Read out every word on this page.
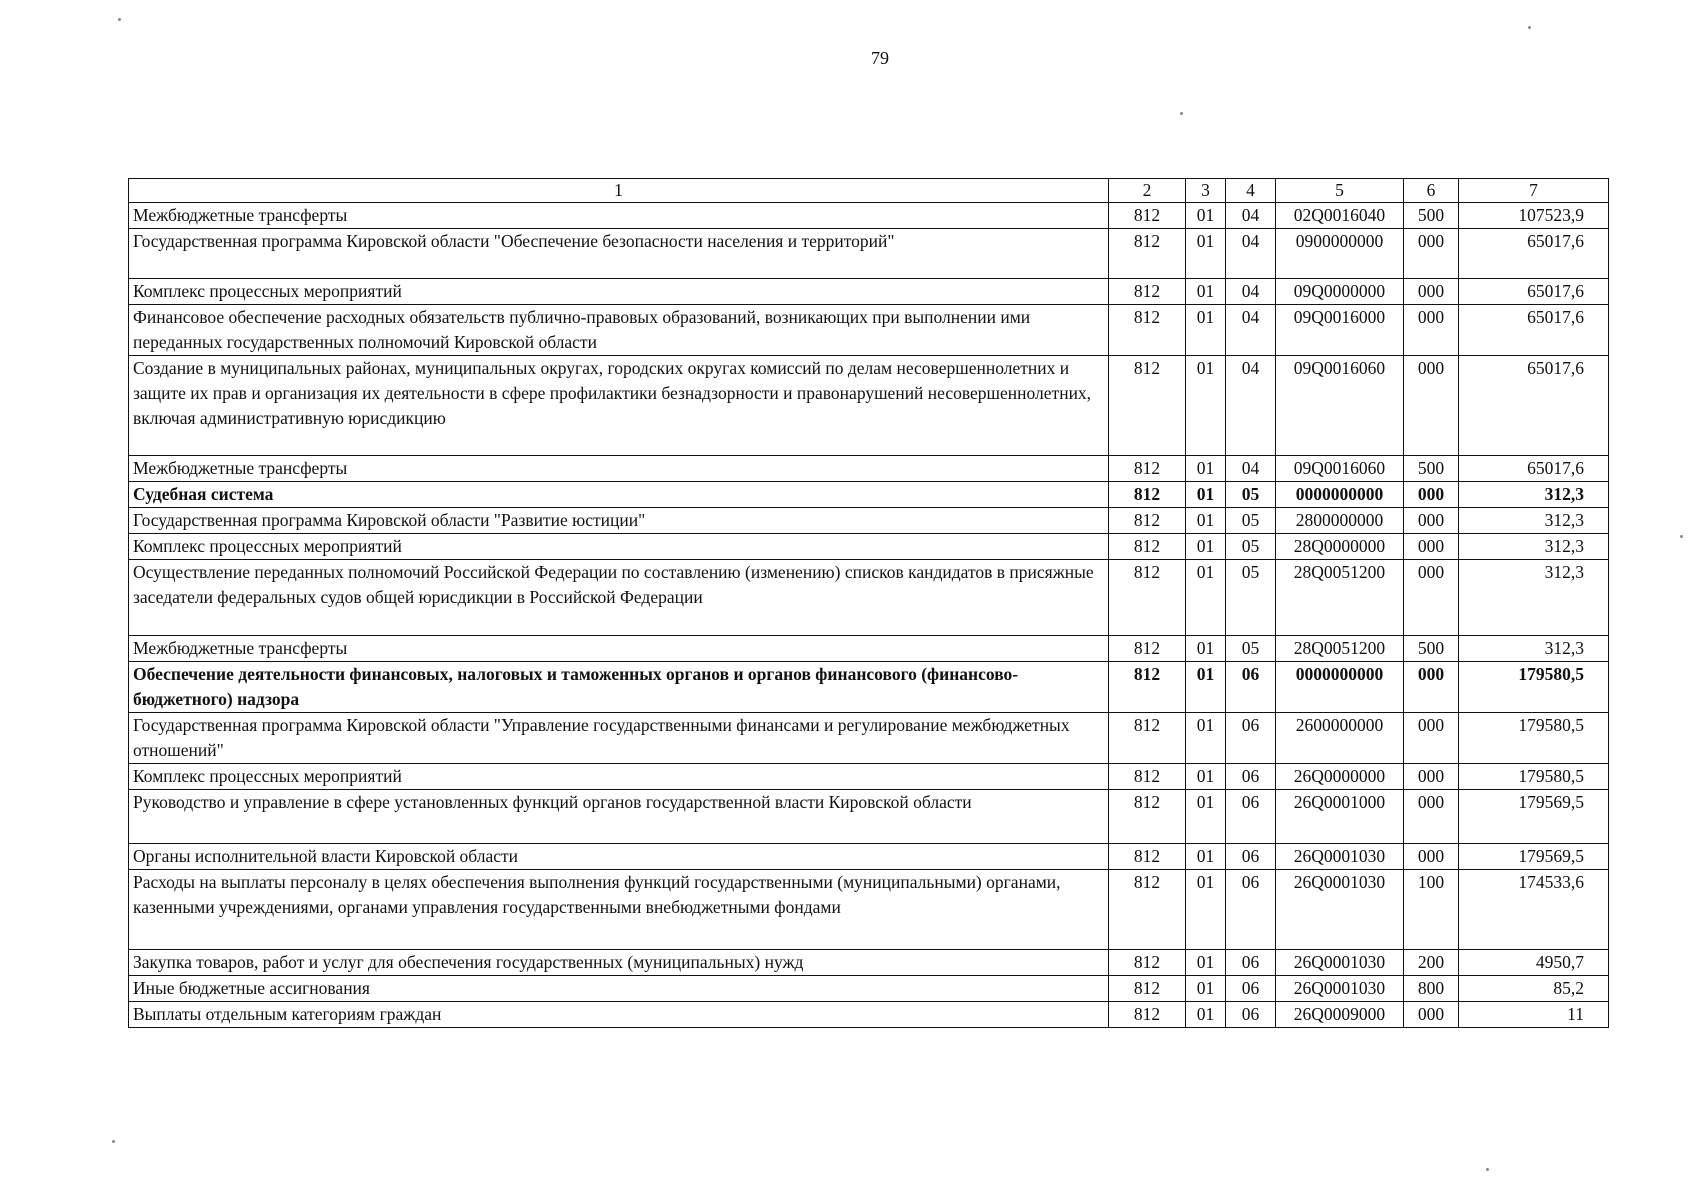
79
1	2	3	4	5	6	7
Межбюджетные трансферты	812	01	04	02Q0016040	500	107523,9
Государственная программа Кировской области "Обеспечение безопасности населения и территорий"	812	01	04	0900000000	000	65017,6
Комплекс процессных мероприятий	812	01	04	09Q0000000	000	65017,6
Финансовое обеспечение расходных обязательств публично-правовых образований, возникающих при выполнении ими переданных государственных полномочий Кировской области	812	01	04	09Q0016000	000	65017,6
Создание в муниципальных районах, муниципальных округах, городских округах комиссий по делам несовершеннолетних и защите их прав и организация их деятельности в сфере профилактики безнадзорности и правонарушений несовершеннолетних, включая административную юрисдикцию	812	01	04	09Q0016060	000	65017,6
Межбюджетные трансферты	812	01	04	09Q0016060	500	65017,6
Судебная система	812	01	05	0000000000	000	312,3
Государственная программа Кировской области "Развитие юстиции"	812	01	05	2800000000	000	312,3
Комплекс процессных мероприятий	812	01	05	28Q0000000	000	312,3
Осуществление переданных полномочий Российской Федерации по составлению (изменению) списков кандидатов в присяжные заседатели федеральных судов общей юрисдикции в Российской Федерации	812	01	05	28Q0051200	000	312,3
Межбюджетные трансферты	812	01	05	28Q0051200	500	312,3
Обеспечение деятельности финансовых, налоговых и таможенных органов и органов финансового (финансово-бюджетного) надзора	812	01	06	0000000000	000	179580,5
Государственная программа Кировской области "Управление государственными финансами и регулирование межбюджетных отношений"	812	01	06	2600000000	000	179580,5
Комплекс процессных мероприятий	812	01	06	26Q0000000	000	179580,5
Руководство и управление в сфере установленных функций органов государственной власти Кировской области	812	01	06	26Q0001000	000	179569,5
Органы исполнительной власти Кировской области	812	01	06	26Q0001030	000	179569,5
Расходы на выплаты персоналу в целях обеспечения выполнения функций государственными (муниципальными) органами, казенными учреждениями, органами управления государственными внебюджетными фондами	812	01	06	26Q0001030	100	174533,6
Закупка товаров, работ и услуг для обеспечения государственных (муниципальных) нужд	812	01	06	26Q0001030	200	4950,7
Иные бюджетные ассигнования	812	01	06	26Q0001030	800	85,2
Выплаты отдельным категориям граждан	812	01	06	26Q0009000	000	11
